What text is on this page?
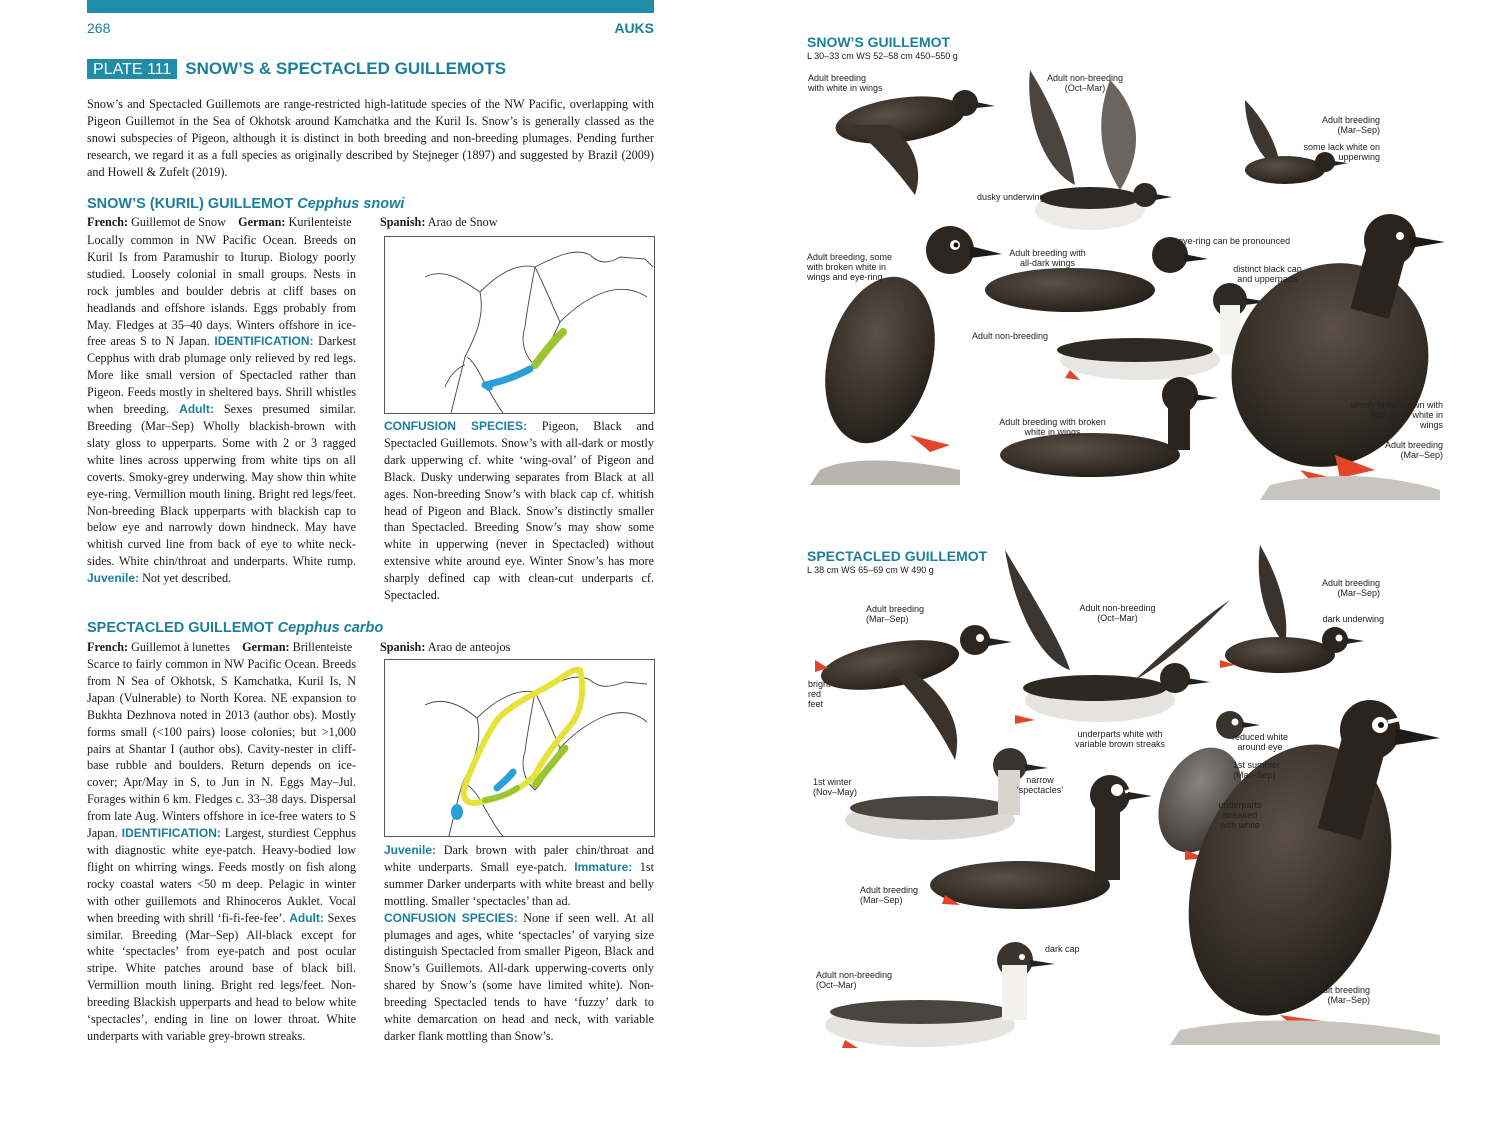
268	AUKS
PLATE 111 SNOW’S & SPECTACLED GUILLEMOTS

Snow’s and Spectacled Guillemots are range-restricted high-latitude species of the NW Pacific, overlapping with Pigeon Guillemot in the Sea of Okhotsk around Kamchatka and the Kuril Is. Snow’s is generally classed as the snowi subspecies of Pigeon, although it is distinct in both breeding and non-breeding plumages. Pending further research, we regard it as a full species as originally described by Stejneger (1897) and suggested by Brazil (2009) and Howell & Zufelt (2019).

SNOW’S (KURIL) GUILLEMOT Cepphus snowi
French: Guillemot de Snow German: Kurilenteiste Spanish: Arao de Snow
Locally common in NW Pacific Ocean. Breeds on Kuril Is from Paramushir to Iturup. Biology poorly studied. Loosely colonial in small groups. Nests in rock jumbles and boulder debris at cliff bases on headlands and offshore islands. Eggs probably from May. Fledges at 35–40 days. Winters offshore in ice-free areas S to N Japan. IDENTIFICATION: Darkest Cepphus with drab plumage only relieved by red legs. More like small version of Spectacled rather than Pigeon. Feeds mostly in sheltered bays. Shrill whistles when breeding. Adult: Sexes presumed similar. Breeding (Mar–Sep) Wholly blackish-brown with slaty gloss to upperparts. Some with 2 or 3 ragged white lines across upperwing from white tips on all coverts. Smoky-grey underwing. May show thin white eye-ring. Vermillion mouth lining. Bright red legs/feet. Non-breeding Black upperparts with blackish cap to below eye and narrowly down hindneck. May have whitish curved line from back of eye to white neck-sides. White chin/throat and underparts. White rump. Juvenile: Not yet described.
CONFUSION SPECIES: Pigeon, Black and Spectacled Guillemots. Snow’s with all-dark or mostly dark upperwing cf. white ‘wing-oval’ of Pigeon and Black. Dusky underwing separates from Black at all ages. Non-breeding Snow’s with black cap cf. whitish head of Pigeon and Black. Snow’s distinctly smaller than Spectacled. Breeding Snow’s may show some white in upperwing (never in Spectacled) without extensive white around eye. Winter Snow’s has more sharply defined cap with clean-cut underparts cf. Spectacled.
SPECTACLED GUILLEMOT Cepphus carbo
French: Guillemot à lunettes German: Brillenteiste Spanish: Arao de anteojos
Scarce to fairly common in NW Pacific Ocean. Breeds from N Sea of Okhotsk, S Kamchatka, Kuril Is, N Japan (Vulnerable) to North Korea. NE expansion to Bukhta Dezhnova noted in 2013 (author obs). Mostly forms small (<100 pairs) loose colonies; but >1,000 pairs at Shantar I (author obs). Cavity-nester in cliff-base rubble and boulders. Return depends on ice-cover; Apr/May in S, to Jun in N. Eggs May–Jul. Forages within 6 km. Fledges c. 33–38 days. Dispersal from late Aug. Winters offshore in ice-free waters to S Japan. IDENTIFICATION: Largest, sturdiest Cepphus with diagnostic white eye-patch. Heavy-bodied low flight on whirring wings. Feeds mostly on fish along rocky coastal waters <50 m deep. Pelagic in winter with other guillemots and Rhinoceros Auklet. Vocal when breeding with shrill ‘fi-fi-fee-fee’. Adult: Sexes similar. Breeding (Mar–Sep) All-black except for white ‘spectacles’ from eye-patch and post ocular stripe. White patches around base of black bill. Vermillion mouth lining. Bright red legs/feet. Non-breeding Blackish upperparts and head to below white ‘spectacles’, ending in line on lower throat. White underparts with variable grey-brown streaks.
Juvenile: Dark brown with paler chin/throat and white underparts. Small eye-patch. Immature: 1st summer Darker underparts with white breast and belly mottling. Smaller ‘spectacles’ than ad.
CONFUSION SPECIES: None if seen well. At all plumages and ages, white ‘spectacles’ of varying size distinguish Spectacled from smaller Pigeon, Black and Snow’s Guillemots. All-dark upperwing-coverts only shared by Snow’s (some have limited white). Non-breeding Spectacled tends to have ‘fuzzy’ dark to white demarcation on head and neck, with variable darker flank mottling than Snow’s.
SNOW’S GUILLEMOT
L 30–33 cm WS 52–58 cm 450–550 g
SPECTACLED GUILLEMOT
L 38 cm WS 65–69 cm W 490 g
Adult breeding with white in wings
Adult non-breeding (Oct–Mar)
Adult breeding (Mar–Sep)
some lack white on upperwing
dusky underwing
Adult breeding, some with broken white in wings and eye-ring
Adult breeding with all-dark wings
eye-ring can be pronounced
distinct black cap and upperparts
Adult non-breeding
Adult breeding with broken white in wings
wholly slate-brown with little or no white in wings
Adult breeding (Mar–Sep)
Adult breeding (Mar–Sep)
Adult non-breeding (Oct–Mar)
Adult breeding (Mar–Sep)
dark underwing
bright red feet
underparts white with variable brown streaks
reduced white around eye
1st winter (Nov–May)
narrow ‘spectacles’
1st summer (Mar–Sep)
underparts streaked with white
Adult breeding (Mar–Sep)
dark cap
Adult non-breeding (Oct–Mar)	Adult breeding (Mar–Sep)
